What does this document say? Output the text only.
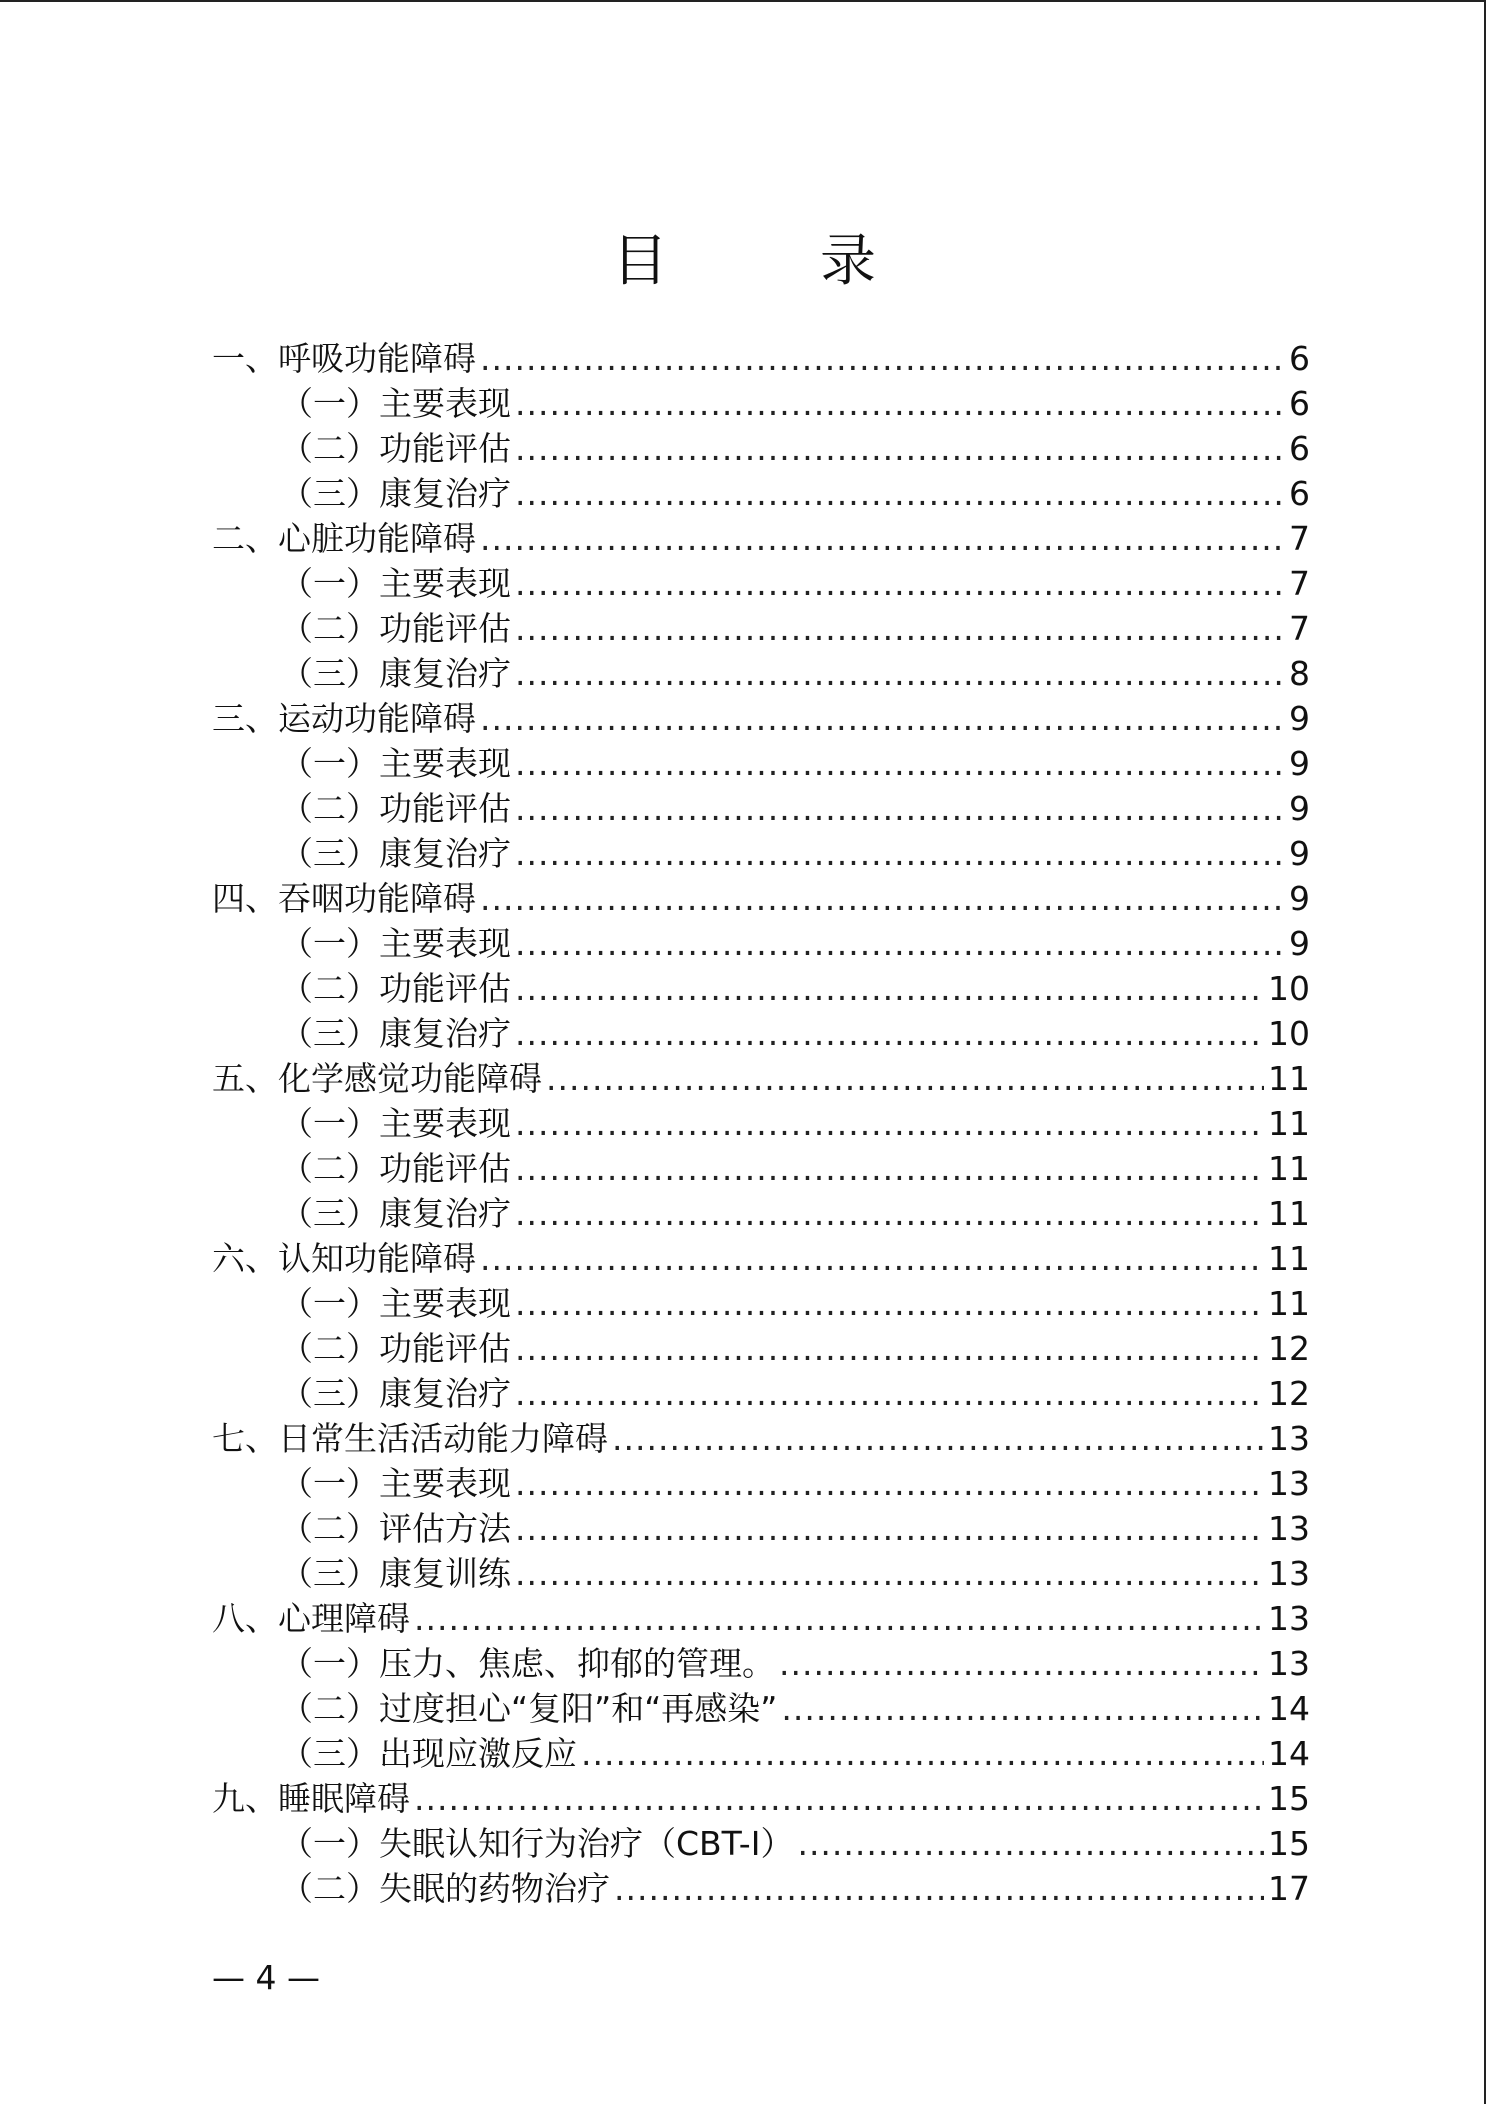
目　录
一、呼吸功能障碍 .....	6
（一）主要表现 .....	6
（二）功能评估 .....	6
（三）康复治疗 .....	6
二、心脏功能障碍 .....	7
（一）主要表现 .....	7
（二）功能评估 .....	7
（三）康复治疗 .....	8
三、运动功能障碍 .....	9
（一）主要表现 .....	9
（二）功能评估 .....	9
（三）康复治疗 .....	9
四、吞咽功能障碍 .....	9
（一）主要表现 .....	9
（二）功能评估 .....	10
（三）康复治疗 .....	10
五、化学感觉功能障碍 .....	11
（一）主要表现 .....	11
（二）功能评估 .....	11
（三）康复治疗 .....	11
六、认知功能障碍 .....	11
（一）主要表现 .....	11
（二）功能评估 .....	12
（三）康复治疗 .....	12
七、日常生活活动能力障碍 .....	13
（一）主要表现 .....	13
（二）评估方法 .....	13
（三）康复训练 .....	13
八、心理障碍 .....	13
（一）压力、焦虑、抑郁的管理。 .....	13
（二）过度担心“复阳”和“再感染” .....	14
（三）出现应激反应 .....	14
九、睡眠障碍 .....	15
（一）失眠认知行为治疗（CBT-I） .....	15
（二）失眠的药物治疗 .....	17
— 4 —
